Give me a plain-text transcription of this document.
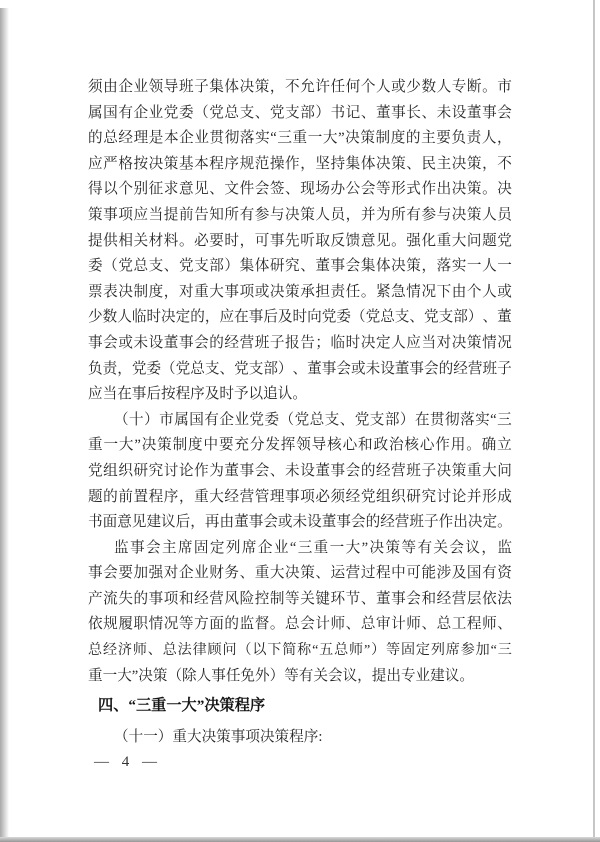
须 由 企 业 领 导 班 子 集 体 决 策 ， 不 允 许 任 何 个 人 或 少 数 人 专 断 。 市
属 国 有 企 业 党 委 （ 党 总 支 、 党 支 部 ） 书 记 、 董 事 长 、 未 设 董 事 会
的 总 经 理 是 本 企 业 贯 彻 落 实 “ 三 重 一 大 ” 决 策 制 度 的 主 要 负 责 人 ，
应 严 格 按 决 策 基 本 程 序 规 范 操 作 ， 坚 持 集 体 决 策 、 民 主 决 策 ， 不
得 以 个 别 征 求 意 见 、 文 件 会 签 、 现 场 办 公 会 等 形 式 作 出 决 策 。 决
策 事 项 应 当 提 前 告 知 所 有 参 与 决 策 人 员 ， 并 为 所 有 参 与 决 策 人 员
提 供 相 关 材 料 。 必 要 时 ， 可 事 先 听 取 反 馈 意 见 。 强 化 重 大 问 题 党
委 （ 党 总 支 、 党 支 部 ） 集 体 研 究 、 董 事 会 集 体 决 策 ， 落 实 一 人 一
票 表 决 制 度 ， 对 重 大 事 项 或 决 策 承 担 责 任 。 紧 急 情 况 下 由 个 人 或
少 数 人 临 时 决 定 的 ， 应 在 事 后 及 时 向 党 委 （ 党 总 支 、 党 支 部 ） 、 董
事 会 或 未 设 董 事 会 的 经 营 班 子 报 告 ； 临 时 决 定 人 应 当 对 决 策 情 况
负 责 ， 党 委 （ 党 总 支 、 党 支 部 ） 、 董 事 会 或 未 设 董 事 会 的 经 营 班 子
应当在事后按程序及时予以追认。
（ 十 ） 市 属 国 有 企 业 党 委 （ 党 总 支 、 党 支 部 ） 在 贯 彻 落 实 “ 三
重 一 大 ” 决 策 制 度 中 要 充 分 发 挥 领 导 核 心 和 政 治 核 心 作 用 。 确 立
党 组 织 研 究 讨 论 作 为 董 事 会 、 未 设 董 事 会 的 经 营 班 子 决 策 重 大 问
题 的 前 置 程 序 ， 重 大 经 营 管 理 事 项 必 须 经 党 组 织 研 究 讨 论 并 形 成
书 面 意 见 建 议 后 ， 再 由 董 事 会 或 未 设 董 事 会 的 经 营 班 子 作 出 决 定 。
监 事 会 主 席 固 定 列 席 企 业 “ 三 重 一 大 ” 决 策 等 有 关 会 议 ， 监
事 会 要 加 强 对 企 业 财 务 、 重 大 决 策 、 运 营 过 程 中 可 能 涉 及 国 有 资
产 流 失 的 事 项 和 经 营 风 险 控 制 等 关 键 环 节 、 董 事 会 和 经 营 层 依 法
依 规 履 职 情 况 等 方 面 的 监 督 。 总 会 计 师 、 总 审 计 师 、 总 工 程 师 、
总 经 济 师 、 总 法 律 顾 问 （ 以 下 简 称 “ 五 总 师 ” ） 等 固 定 列 席 参 加 “ 三
重一大”决策（除人事任免外）等有关会议，提出专业建议。
四、“三重一大”决策程序
（十一）重大决策事项决策程序:
— 4 —
